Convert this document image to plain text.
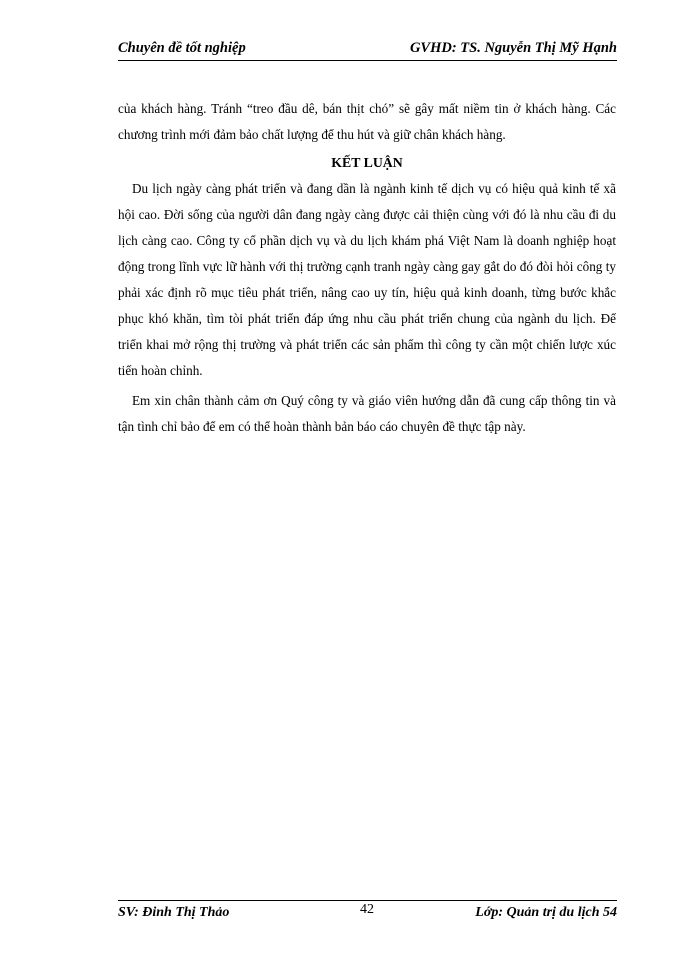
Chuyên đề tốt nghiệp	GVHD: TS. Nguyễn Thị Mỹ Hạnh

của khách hàng. Tránh “treo đầu dê, bán thịt chó” sẽ gây mất niềm tin ở khách hàng. Các chương trình mới đảm bảo chất lượng để thu hút và giữ chân khách hàng.

KẾT LUẬN

Du lịch ngày càng phát triển và đang dần là ngành kinh tế dịch vụ có hiệu quả kinh tế xã hội cao. Đời sống của người dân đang ngày càng được cải thiện cùng với đó là nhu cầu đi du lịch càng cao. Công ty cổ phần dịch vụ và du lịch khám phá Việt Nam là doanh nghiệp hoạt động trong lĩnh vực lữ hành với thị trường cạnh tranh ngày càng gay gắt do đó đòi hỏi công ty phải xác định rõ mục tiêu phát triển, nâng cao uy tín, hiệu quả kinh doanh, từng bước khắc phục khó khăn, tìm tòi phát triển đáp ứng nhu cầu phát triển chung của ngành du lịch. Để triển khai mở rộng thị trường và phát triển các sản phẩm thì công ty cần một chiến lược xúc tiến hoàn chỉnh.

Em xin chân thành cảm ơn Quý công ty và giáo viên hướng dẫn đã cung cấp thông tin và tận tình chỉ bảo để em có thể hoàn thành bản báo cáo chuyên đề thực tập này.

SV: Đinh Thị Thảo	42	Lớp: Quản trị du lịch 54
